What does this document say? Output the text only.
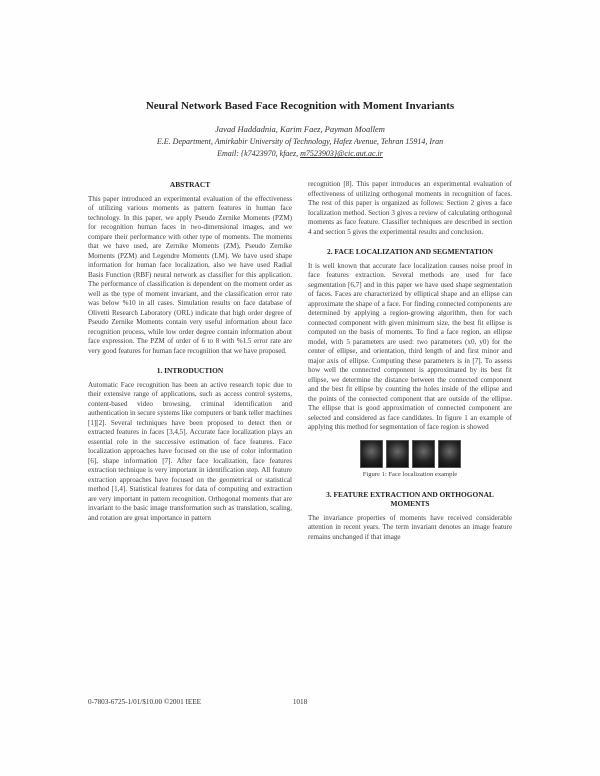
Neural Network Based Face Recognition with Moment Invariants
Javad Haddadnia, Karim Faez, Payman Moallem
E.E. Department, Amirkabir University of Technology, Hafez Avenue, Tehran 15914, Iran
Email: {k7423970, kfaez, m7523903}@cic.aut.ac.ir
ABSTRACT

This paper introduced an experimental evaluation of the effectiveness of utilizing various moments as pattern features in human face technology. In this paper, we apply Pseudo Zernike Moments (PZM) for recognition human faces in two-dimensional images, and we compare their performance with other type of moments. The moments that we have used, are Zernike Moments (ZM), Pseudo Zernike Moments (PZM) and Legendre Moments (LM). We have used shape information for human face localization, also we have used Radial Basis Function (RBF) neural network as classifier for this application. The performance of classification is dependent on the moment order as well as the type of moment invariant, and the classification error rate was below %10 in all cases. Simulation results on face database of Olivetti Research Laboratory (ORL) indicate that high order degree of Pseudo Zernike Moments contain very useful information about face recognition process, while low order degree contain information about face expression. The PZM of order of 6 to 8 with %1.5 error rate are very good features for human face recognition that we have proposed.

1. INTRODUCTION

Automatic Face recognition has been an active research topic due to their extensive range of applications, such as access control systems, content-based video browsing, criminal identification and authentication in secure systems like computers or bank teller machines [1][2]. Several techniques have been proposed to detect then or extracted features in faces [3,4,5]. Accurate face localization plays an essential role in the successive estimation of face features. Face localization approaches have focused on the use of color information [6], shape information [7]. After face localization, face features extraction technique is very important in identification step. All feature extraction approaches have focused on the geometrical or statistical method [1,4]. Statistical features for data of computing and extraction are very important in pattern recognition. Orthogonal moments that are invariant to the basic image transformation such as translation, scaling, and rotation are great importance in pattern

recognition [8]. This paper introduces an experimental evaluation of effectiveness of utilizing orthogonal moments in recognition of faces. The rest of this paper is organized as follows: Section 2 gives a face localization method. Section 3 gives a review of calculating orthogonal moments as face feature. Classifier techniques are described in section 4 and section 5 gives the experimental results and conclusion.

2. FACE LOCALIZATION AND SEGMENTATION

It is well known that accurate face localization causes noise proof in face features extraction. Several methods are used for face segmentation [6,7] and in this paper we have used shape segmentation of faces. Faces are characterized by elliptical shape and an ellipse can approximate the shape of a face. For finding connected components are determined by applying a region-growing algorithm, then for each connected component with given minimum size, the best fit ellipse is computed on the basis of moments. To find a face region, an ellipse model, with 5 parameters are used: two parameters (x0, y0) for the center of ellipse, and orientation, third length of and first minor and major axis of ellipse. Computing these parameters is in [7]. To assess how well the connected component is approximated by its best fit ellipse, we determine the distance between the connected component and the best fit ellipse by counting the holes inside of the ellipse and the points of the connected component that are outside of the ellipse. The ellipse that is good approximation of connected component are selected and considered as face candidates. In figure 1 an example of applying this method for segmentation of face region is showed

Figure 1: Face localization example
3. FEATURE EXTRACTION AND ORTHOGONAL MOMENTS

The invariance properties of moments have received considerable attention in recent years. The term invariant denotes an image feature remains unchanged if that image

0-7803-6725-1/01/$10.00 ©2001 IEEE	1018
